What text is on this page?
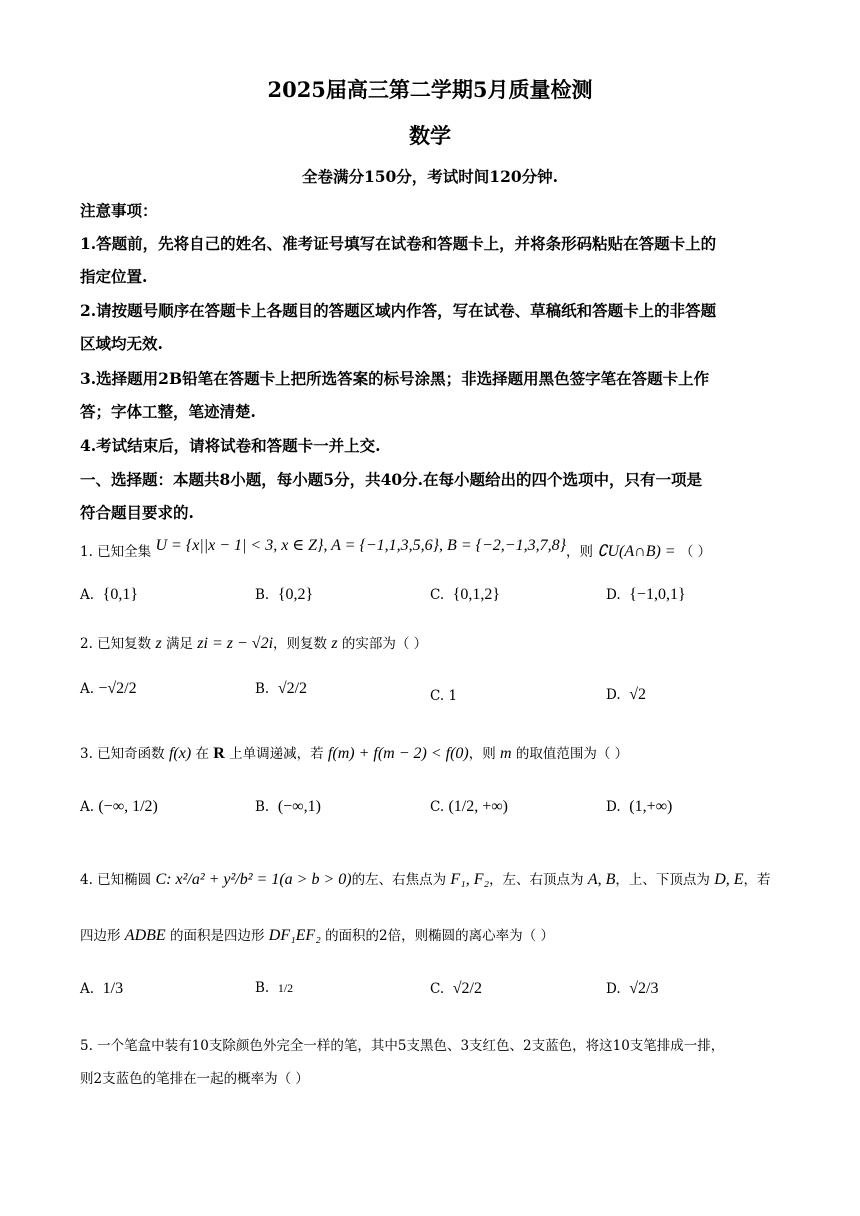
2025届高三第二学期5月质量检测
数学
全卷满分150分，考试时间120分钟.
注意事项：
1.答题前，先将自己的姓名、准考证号填写在试卷和答题卡上，并将条形码粘贴在答题卡上的
指定位置.
2.请按题号顺序在答题卡上各题目的答题区域内作答，写在试卷、草稿纸和答题卡上的非答题
区域均无效.
3.选择题用2B铅笔在答题卡上把所选答案的标号涂黑；非选择题用黑色签字笔在答题卡上作
答；字体工整，笔迹清楚.
4.考试结束后，请将试卷和答题卡一并上交.
一、选择题：本题共8小题，每小题5分，共40分.在每小题给出的四个选项中，只有一项是
符合题目要求的.
1. 已知全集 U = {x||x − 1| < 3, x ∈ Z}, A = {−1,1,3,5,6}, B = {−2,−1,3,7,8}，则 ∁U(A∩B) = （ ）
A. {0,1}	B. {0,2}	C. {0,1,2}	D. {−1,0,1}
2. 已知复数 z 满足 zi = z − √2i，则复数 z 的实部为（ ）
A. −√2/2	B. √2/2	C. 1	D. √2
3. 已知奇函数 f(x) 在 R 上单调递减，若 f(m) + f(m − 2) < f(0)，则 m 的取值范围为（ ）
A. (−∞, 1/2)	B. (−∞,1)	C. (1/2, +∞)	D. (1,+∞)
4. 已知椭圆 C: x²/a² + y²/b² = 1(a > b > 0)的左、右焦点为 F₁, F₂，左、右顶点为 A, B，上、下顶点为 D, E，若
四边形 ADBE 的面积是四边形 DF₁EF₂ 的面积的2倍，则椭圆的离心率为（ ）
A. 1/3	B. 1/2	C. √2/2	D. √2/3
5. 一个笔盒中装有10支除颜色外完全一样的笔，其中5支黑色、3支红色、2支蓝色，将这10支笔排成一排，
则2支蓝色的笔排在一起的概率为（ ）
